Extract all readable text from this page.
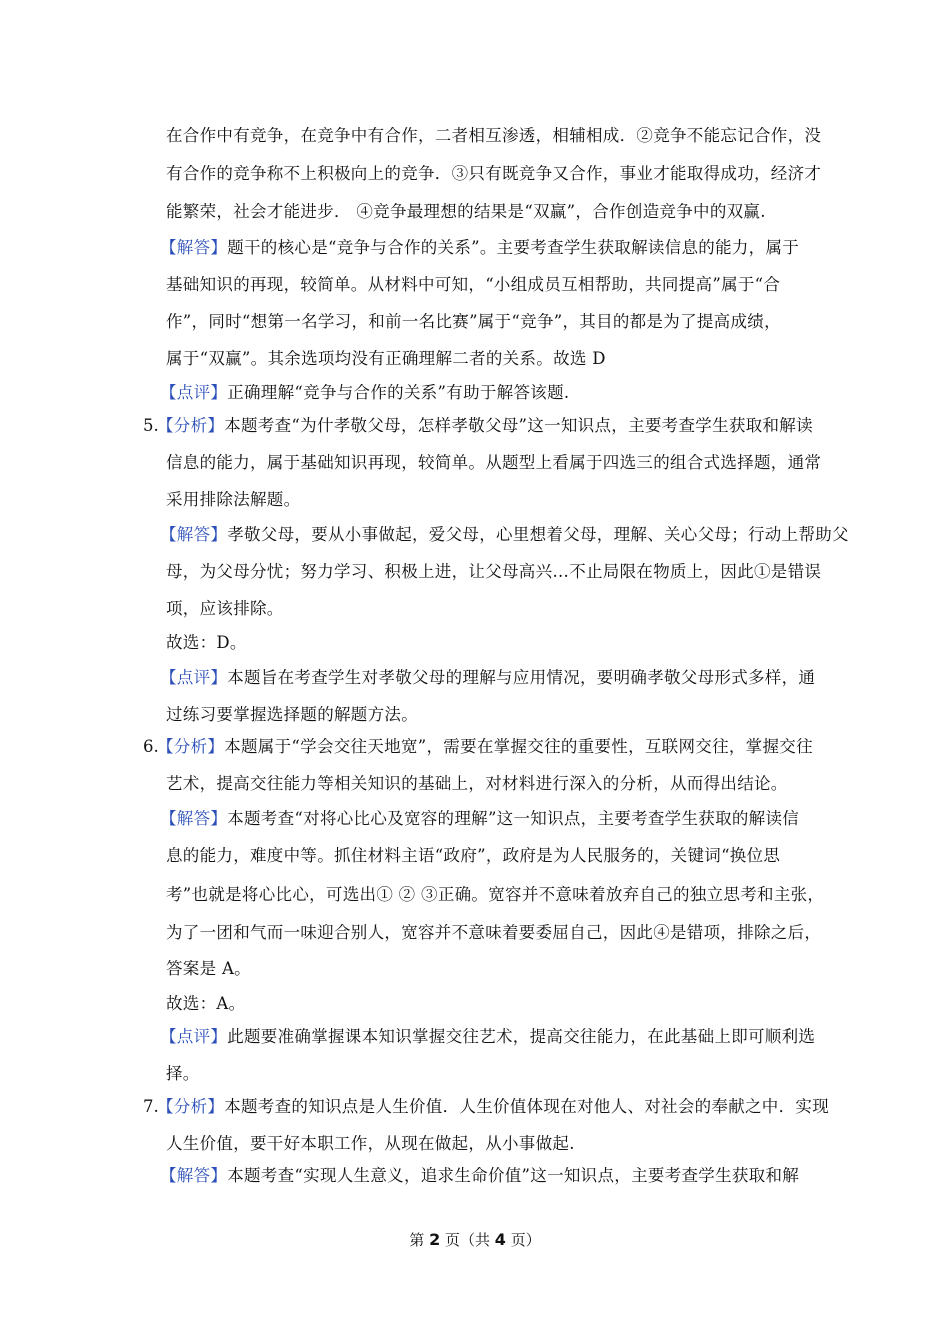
在合作中有竞争，在竞争中有合作，二者相互渗透，相辅相成．②竞争不能忘记合作，没
有合作的竞争称不上积极向上的竞争．③只有既竞争又合作，事业才能取得成功，经济才
能繁荣，社会才能进步． ④竞争最理想的结果是“双赢”，合作创造竞争中的双赢.
【解答】题干的核心是“竞争与合作的关系”。主要考查学生获取解读信息的能力，属于
基础知识的再现，较简单。从材料中可知，“小组成员互相帮助，共同提高”属于“合
作”，同时“想第一名学习，和前一名比赛”属于“竞争”，其目的都是为了提高成绩，
属于“双赢”。其余选项均没有正确理解二者的关系。故选 D
【点评】正确理解“竞争与合作的关系”有助于解答该题.
5.
【分析】本题考查“为什孝敬父母，怎样孝敬父母”这一知识点，主要考查学生获取和解读
信息的能力，属于基础知识再现，较简单。从题型上看属于四选三的组合式选择题，通常
采用排除法解题。
【解答】孝敬父母，要从小事做起，爱父母，心里想着父母，理解、关心父母；行动上帮助父
母，为父母分忧；努力学习、积极上进，让父母高兴…不止局限在物质上，因此①是错误
项，应该排除。
故选：D。
【点评】本题旨在考查学生对孝敬父母的理解与应用情况，要明确孝敬父母形式多样，通
过练习要掌握选择题的解题方法。
6.
【分析】本题属于“学会交往天地宽”，需要在掌握交往的重要性，互联网交往，掌握交往
艺术，提高交往能力等相关知识的基础上，对材料进行深入的分析，从而得出结论。
【解答】本题考查“对将心比心及宽容的理解”这一知识点，主要考查学生获取的解读信
息的能力，难度中等。抓住材料主语“政府”，政府是为人民服务的，关键词“换位思
考”也就是将心比心，可选出① ② ③正确。宽容并不意味着放弃自己的独立思考和主张，
为了一团和气而一味迎合别人，宽容并不意味着要委屈自己，因此④是错项，排除之后，
答案是 A。
故选：A。
【点评】此题要准确掌握课本知识掌握交往艺术，提高交往能力，在此基础上即可顺利选
择。
7.
【分析】本题考查的知识点是人生价值．人生价值体现在对他人、对社会的奉献之中．实现
人生价值，要干好本职工作，从现在做起，从小事做起.
【解答】本题考查“实现人生意义，追求生命价值”这一知识点，主要考查学生获取和解
第 2 页（共 4 页）
